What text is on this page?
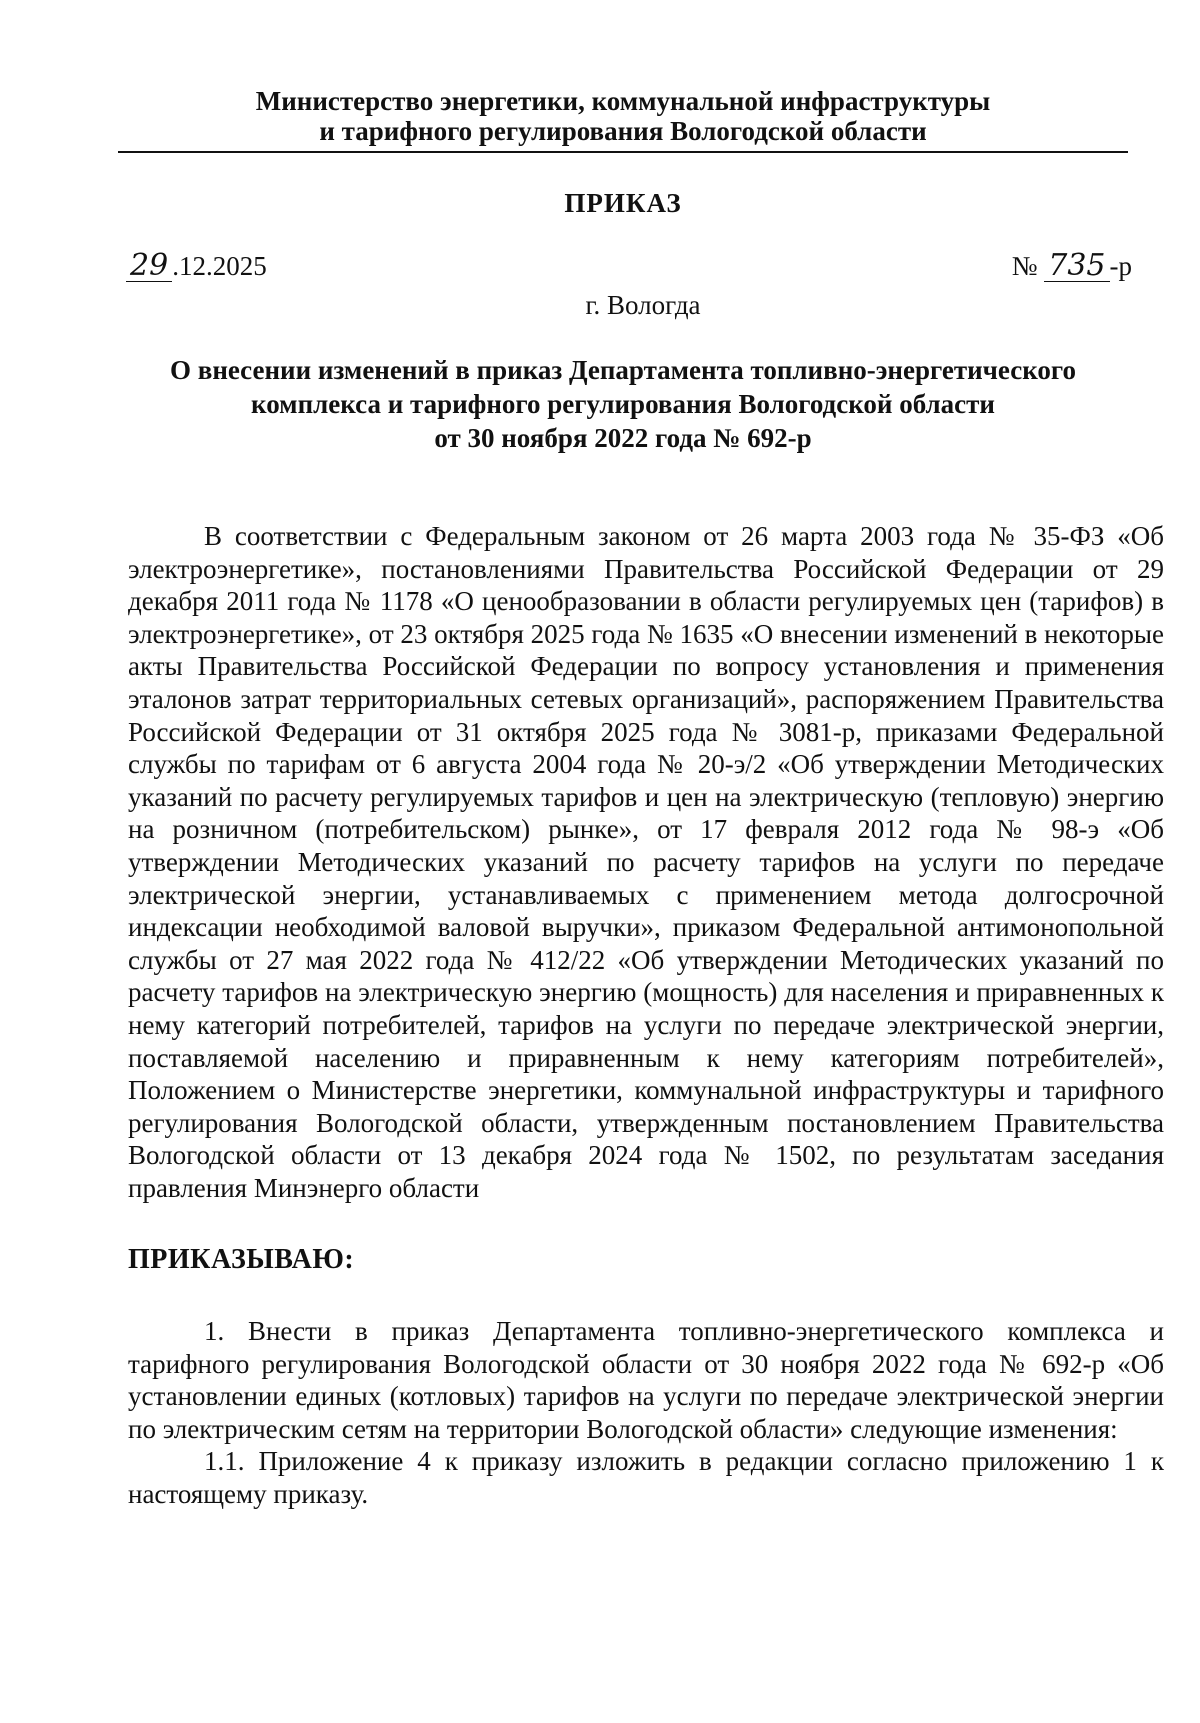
Министерство энергетики, коммунальной инфраструктуры
и тарифного регулирования Вологодской области
ПРИКАЗ
29 .12.2025	№ 735 -р
г. Вологда
О внесении изменений в приказ Департамента топливно-энергетического
комплекса и тарифного регулирования Вологодской области
от 30 ноября 2022 года № 692-р

В соответствии с Федеральным законом от 26 марта 2003 года № 35-ФЗ «Об электроэнергетике», постановлениями Правительства Российской Федерации от 29 декабря 2011 года № 1178 «О ценообразовании в области регулируемых цен (тарифов) в электроэнергетике», от 23 октября 2025 года № 1635 «О внесении изменений в некоторые акты Правительства Российской Федерации по вопросу установления и применения эталонов затрат территориальных сетевых организаций», распоряжением Правительства Российской Федерации от 31 октября 2025 года № 3081-р, приказами Федеральной службы по тарифам от 6 августа 2004 года № 20-э/2 «Об утверждении Методических указаний по расчету регулируемых тарифов и цен на электрическую (тепловую) энергию на розничном (потребительском) рынке», от 17 февраля 2012 года № 98-э «Об утверждении Методических указаний по расчету тарифов на услуги по передаче электрической энергии, устанавливаемых с применением метода долгосрочной индексации необходимой валовой выручки», приказом Федеральной антимонопольной службы от 27 мая 2022 года № 412/22 «Об утверждении Методических указаний по расчету тарифов на электрическую энергию (мощность) для населения и приравненных к нему категорий потребителей, тарифов на услуги по передаче электрической энергии, поставляемой населению и приравненным к нему категориям потребителей», Положением о Министерстве энергетики, коммунальной инфраструктуры и тарифного регулирования Вологодской области, утвержденным постановлением Правительства Вологодской области от 13 декабря 2024 года № 1502, по результатам заседания правления Минэнерго области

ПРИКАЗЫВАЮ:

1. Внести в приказ Департамента топливно-энергетического комплекса и тарифного регулирования Вологодской области от 30 ноября 2022 года № 692-р «Об установлении единых (котловых) тарифов на услуги по передаче электрической энергии по электрическим сетям на территории Вологодской области» следующие изменения:

1.1. Приложение 4 к приказу изложить в редакции согласно приложению 1 к настоящему приказу.
